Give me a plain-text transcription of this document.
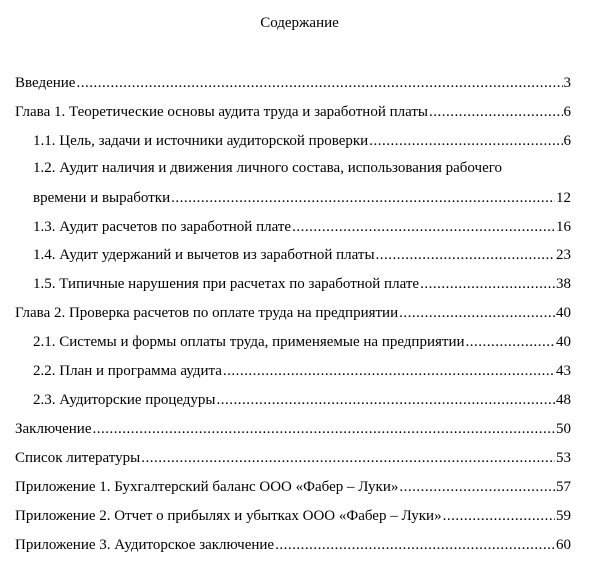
Содержание
Введение .....	3
Глава 1. Теоретические основы аудита труда и заработной платы .....	6
1.1. Цель, задачи и источники аудиторской проверки .....	6
1.2. Аудит наличия и движения личного состава, использования рабочего
времени и выработки .....	12
1.3. Аудит расчетов по заработной плате .....	16
1.4. Аудит удержаний и вычетов из заработной платы .....	23
1.5. Типичные нарушения при расчетах по заработной плате .....	38
Глава 2. Проверка расчетов по оплате труда на предприятии .....	40
2.1. Системы и формы оплаты труда, применяемые на предприятии .....	40
2.2. План и программа аудита .....	43
2.3. Аудиторские процедуры .....	48
Заключение .....	50
Список литературы .....	53
Приложение 1. Бухгалтерский баланс ООО «Фабер – Луки» .....	57
Приложение 2. Отчет о прибылях и убытках ООО «Фабер – Луки» .....	59
Приложение 3. Аудиторское заключение .....	60
